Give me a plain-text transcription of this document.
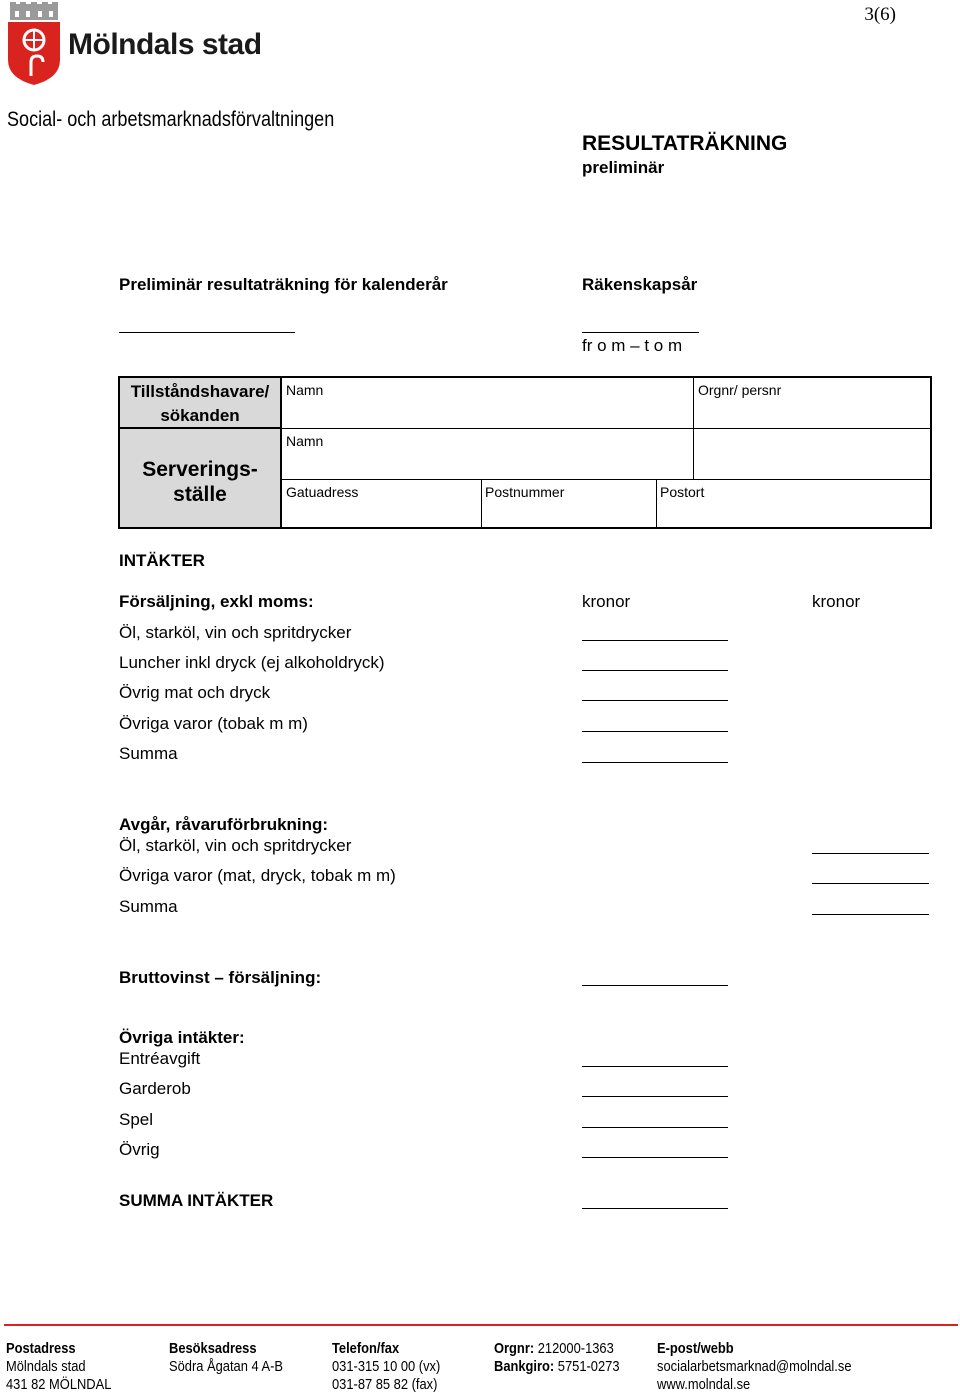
3(6)
Mölndals stad
Social- och arbetsmarknadsförvaltningen
RESULTATRÄKNING
preliminär
Preliminär resultaträkning för kalenderår	Räkenskapsår
fr o m – t o m
Tillståndshavare/
sökanden
Serverings-
ställe
Namn	Orgnr/ persnr
Namn
Gatuadress	Postnummer	Postort
INTÄKTER
Försäljning, exkl moms:	kronor	kronor
Öl, starköl, vin och spritdrycker
Luncher inkl dryck (ej alkoholdryck)
Övrig mat och dryck
Övriga varor (tobak m m)
Summa
Avgår, råvaruförbrukning:
Öl, starköl, vin och spritdrycker
Övriga varor (mat, dryck, tobak m m)
Summa
Bruttovinst – försäljning:
Övriga intäkter:
Entréavgift
Garderob
Spel
Övrig
SUMMA INTÄKTER
Postadress
Mölndals stad
431 82 MÖLNDAL
Besöksadress
Södra Ågatan 4 A-B
Telefon/fax
031-315 10 00 (vx)
031-87 85 82 (fax)
Orgnr: 212000-1363
Bankgiro: 5751-0273
E-post/webb
socialarbetsmarknad@molndal.se
www.molndal.se
